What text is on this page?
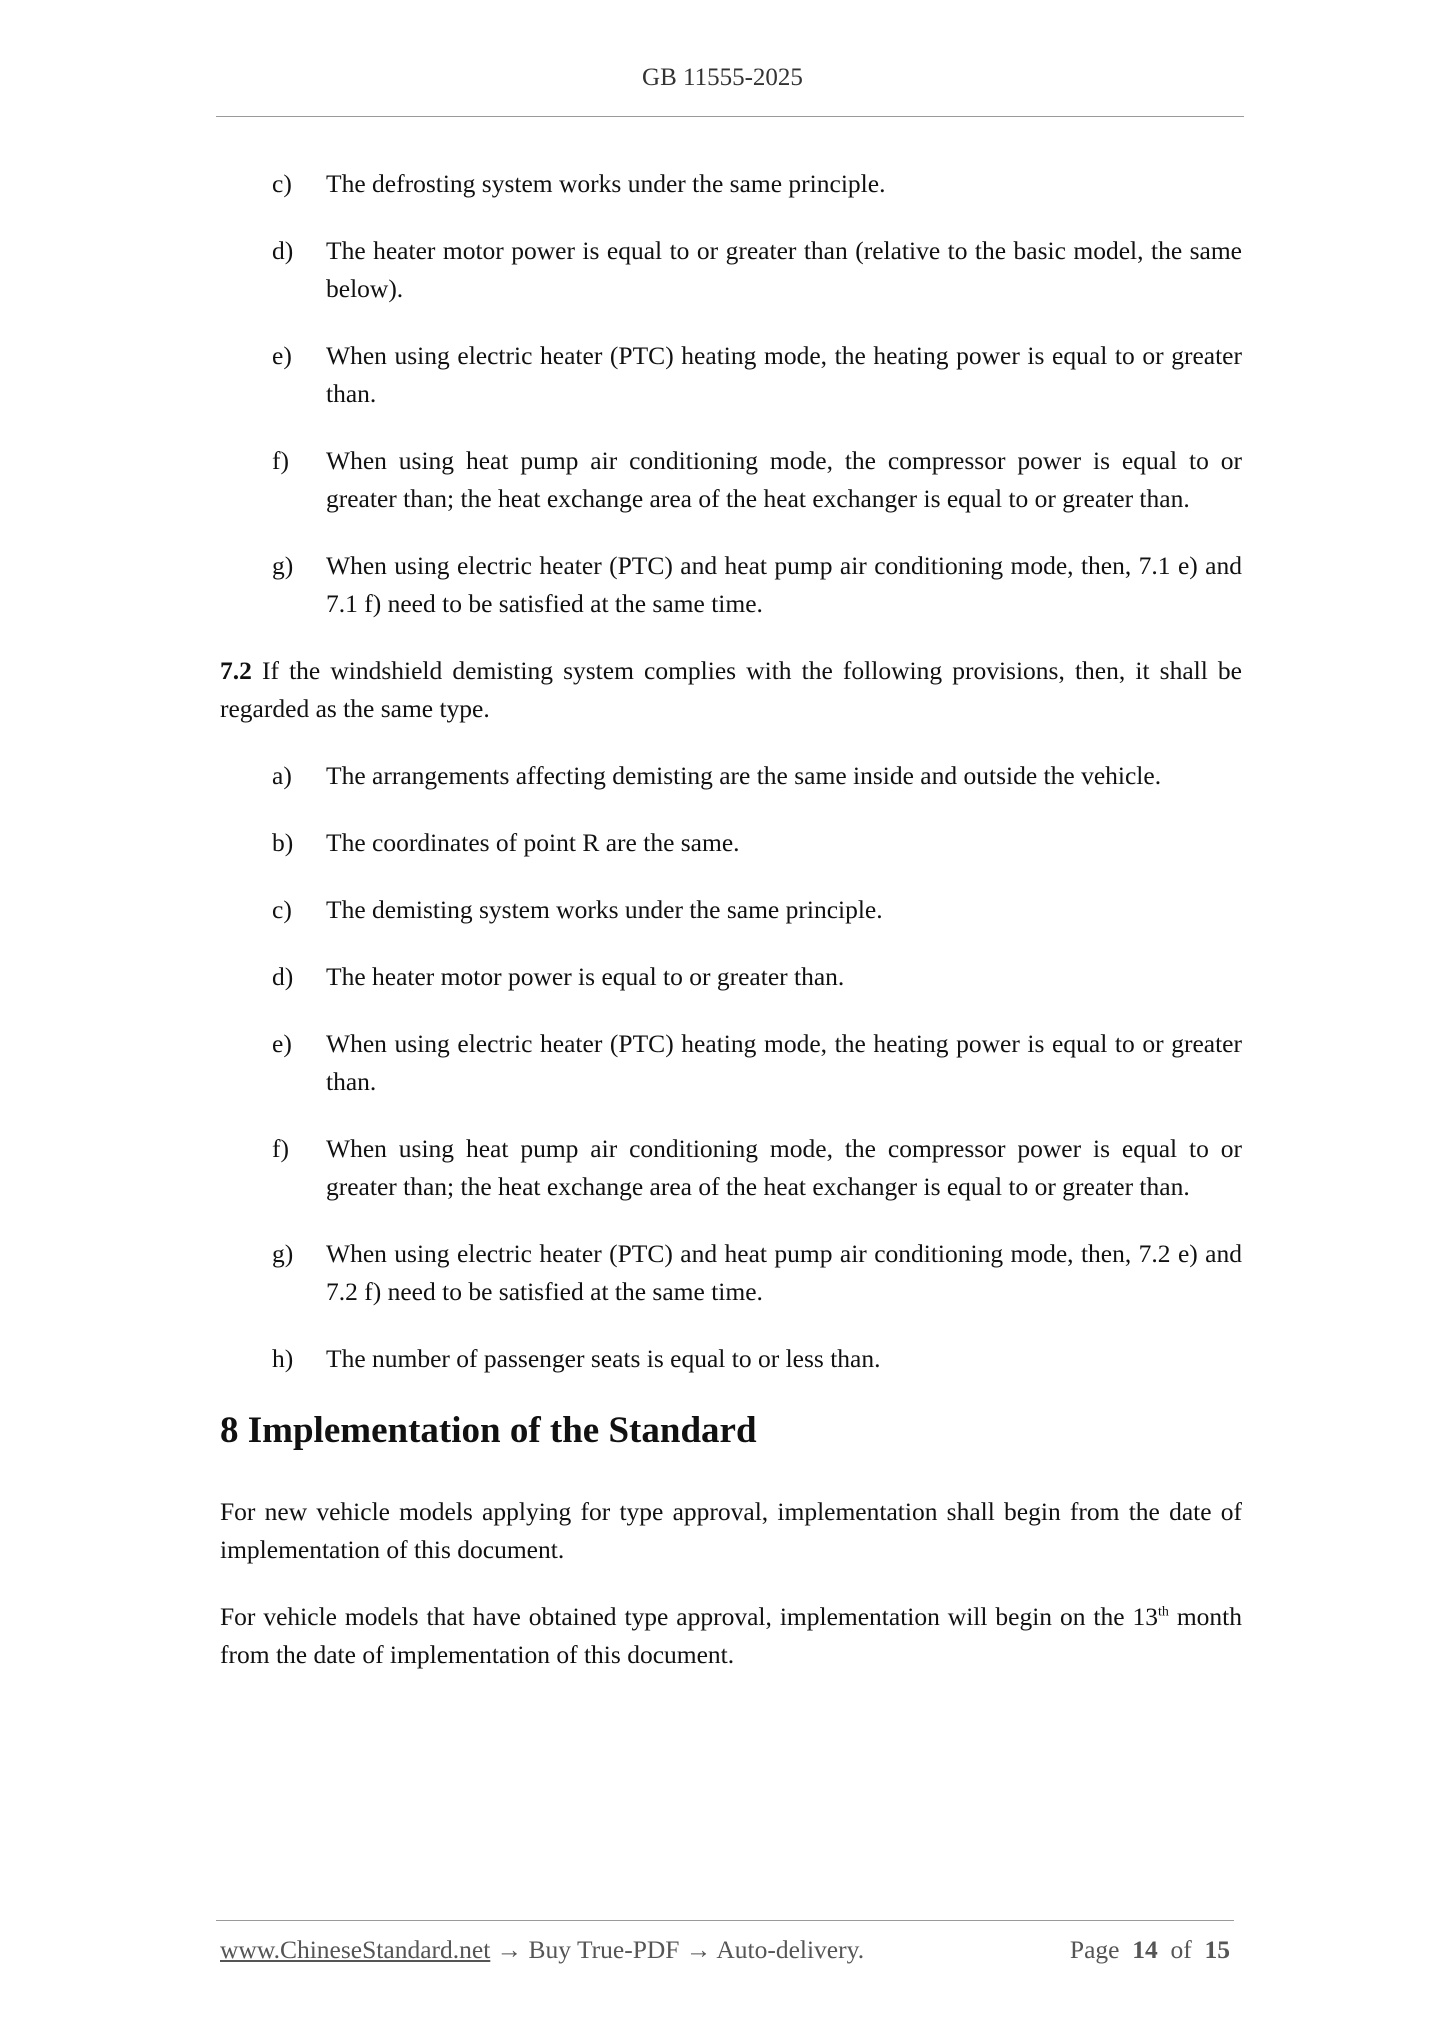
GB 11555-2025
c) The defrosting system works under the same principle.
d) The heater motor power is equal to or greater than (relative to the basic model, the same below).
e) When using electric heater (PTC) heating mode, the heating power is equal to or greater than.
f) When using heat pump air conditioning mode, the compressor power is equal to or greater than; the heat exchange area of the heat exchanger is equal to or greater than.
g) When using electric heater (PTC) and heat pump air conditioning mode, then, 7.1 e) and 7.1 f) need to be satisfied at the same time.
7.2 If the windshield demisting system complies with the following provisions, then, it shall be regarded as the same type.
a) The arrangements affecting demisting are the same inside and outside the vehicle.
b) The coordinates of point R are the same.
c) The demisting system works under the same principle.
d) The heater motor power is equal to or greater than.
e) When using electric heater (PTC) heating mode, the heating power is equal to or greater than.
f) When using heat pump air conditioning mode, the compressor power is equal to or greater than; the heat exchange area of the heat exchanger is equal to or greater than.
g) When using electric heater (PTC) and heat pump air conditioning mode, then, 7.2 e) and 7.2 f) need to be satisfied at the same time.
h) The number of passenger seats is equal to or less than.
8 Implementation of the Standard
For new vehicle models applying for type approval, implementation shall begin from the date of implementation of this document.
For vehicle models that have obtained type approval, implementation will begin on the 13th month from the date of implementation of this document.
www.ChineseStandard.net → Buy True-PDF → Auto-delivery.	Page 14 of 15
